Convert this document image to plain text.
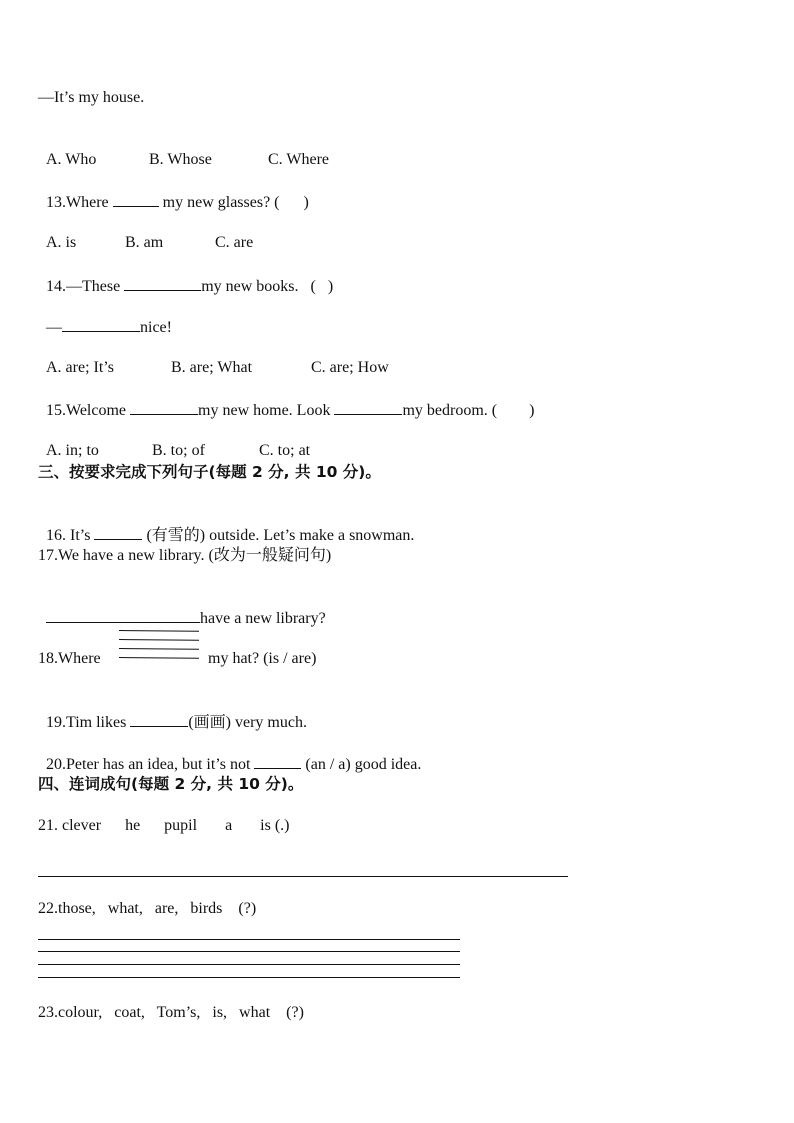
—It’s my house.

A. Who	B. Whose	C. Where

13.Where	my new glasses? (      )

A. is	B. am	C. are

14.—These	my new books.   (   )

—	nice!

A. are; It’s	B. are; What	C. are; How

15.Welcome	my new home. Look	my bedroom. (        )

A. in; to	B. to; of	C. to; at

三、按要求完成下列句子(每题 2 分, 共 10 分)。

16. It’s	(有雪的) outside. Let’s make a snowman.

17.We have a new library. (改为一般疑问句)

have a new library?

18.Where	my hat? (is / are)

19.Tim likes	(画画) very much.

20.Peter has an idea, but it’s not	(an / a) good idea.

四、连词成句(每题 2 分, 共 10 分)。
21. clever      he      pupil       a       is (.)
22.those,   what,   are,   birds    (?)
23.colour,   coat,   Tom’s,   is,   what    (?)
